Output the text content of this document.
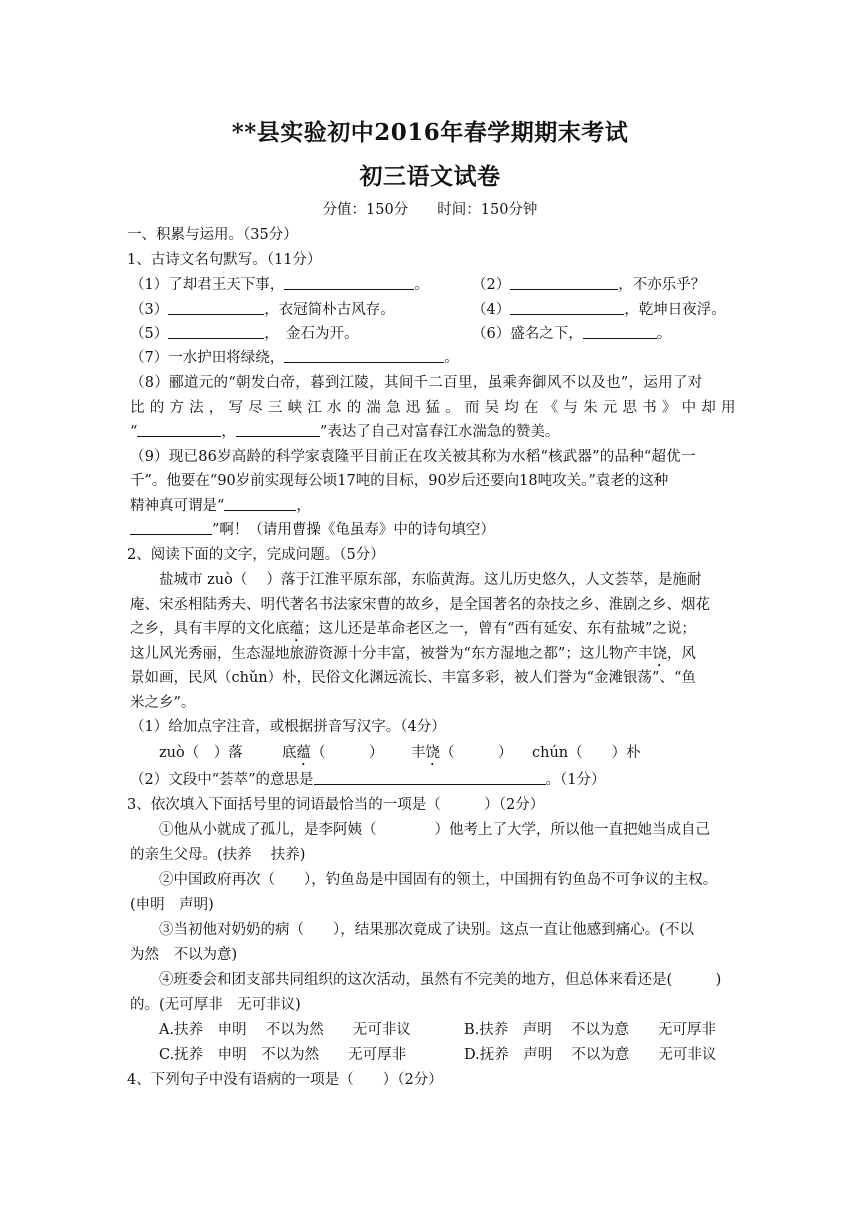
**县实验初中2016年春学期期末考试
初三语文试卷
分值：150分　　时间：150分钟
一、积累与运用。（35分）
1、古诗文名句默写。（11分）
（1）了却君王天下事，	。	（2）	，不亦乐乎？
（3）	，衣冠简朴古风存。	（4）	，乾坤日夜浮。
（5）	，　金石为开。	（6）盛名之下，	。
（7）一水护田将绿绕，	。
（8）郦道元的“朝发白帝，暮到江陵，其间千二百里，虽乘奔御风不以及也”，运用了对
比的方法，写尽三峡江水的湍急迅猛。而吴均在《与朱元思书》中却用
“	，	”表达了自己对富春江水湍急的赞美。
（9）现已86岁高龄的科学家袁隆平目前正在攻关被其称为水稻“核武器”的品种“超优一
千”。他要在“90岁前实现每公顷17吨的目标，90岁后还要向18吨攻关。”袁老的这种
精神真可谓是“	，
”啊！（请用曹操《龟虽寿》中的诗句填空）
2、阅读下面的文字，完成问题。（5分）
盐城市 zuò（　 ）落于江淮平原东部，东临黄海。这儿历史悠久，人文荟萃，是施耐
庵、宋丞相陆秀夫、明代著名书法家宋曹的故乡，是全国著名的杂技之乡、淮剧之乡、烟花
之乡，具有丰厚的文化底蕴；这儿还是革命老区之一，曾有“西有延安、东有盐城”之说；
这儿风光秀丽，生态湿地旅游资源十分丰富，被誉为“东方湿地之都”；这儿物产丰饶，风
景如画，民风（chǔn）朴，民俗文化渊远流长、丰富多彩，被人们誉为“金滩银荡”、“鱼
米之乡”。
（1）给加点字注音，或根据拼音写汉字。（4分）
zuò（　）落	底蕴（　　　） 丰饶（　　　） chún（　　）朴
（2）文段中“荟萃”的意思是	。（1分）
3、依次填入下面括号里的词语最恰当的一项是（　　　）（2分）
①他从小就成了孤儿，是李阿姨（　　　　）他考上了大学，所以他一直把她当成自己
的亲生父母。(扶养　 扶养)
②中国政府再次（　　），钓鱼岛是中国固有的领土，中国拥有钓鱼岛不可争议的主权。
(申明　声明)
③当初他对奶奶的病（　　），结果那次竟成了诀别。这点一直让他感到痛心。(不以
为然　不以为意)
④班委会和团支部共同组织的这次活动，虽然有不完美的地方，但总体来看还是(　　　)
的。(无可厚非　无可非议)
A.扶养　申明　 不以为然　　无可非议	B.扶养　声明　 不以为意　　无可厚非
C.抚养　申明　不以为然　　无可厚非	D.抚养　声明　 不以为意　　无可非议
4、下列句子中没有语病的一项是（　　）（2分）
